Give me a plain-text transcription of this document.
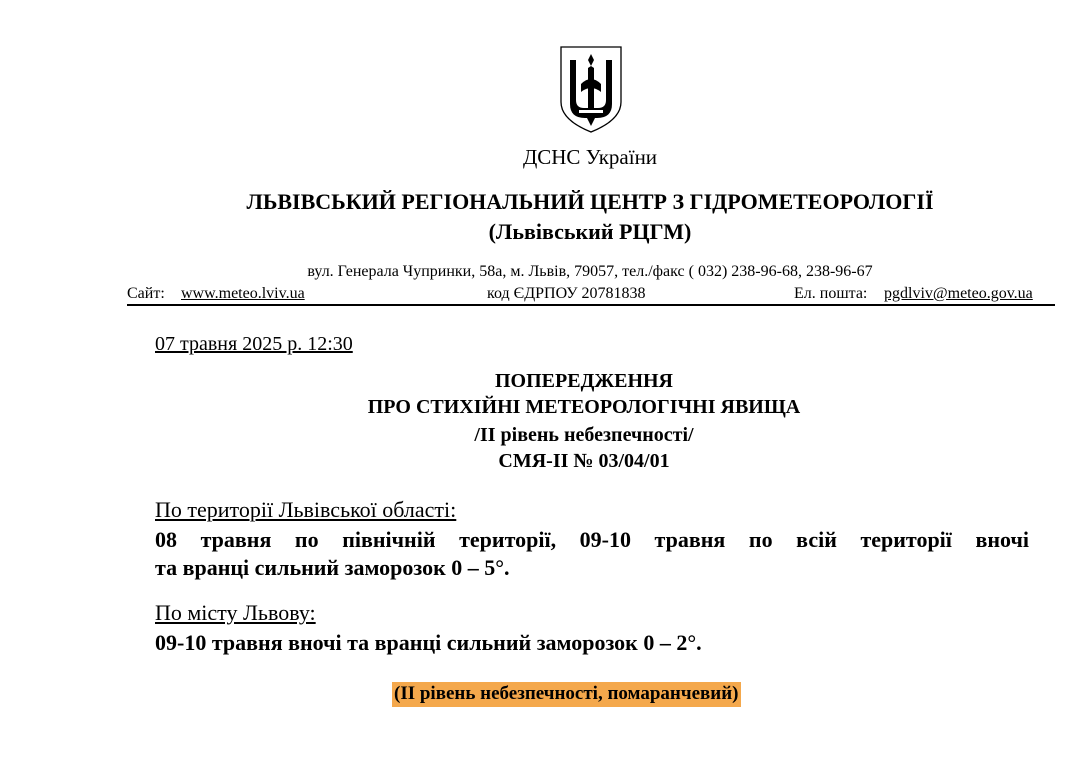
ДСНС України
ЛЬВІВСЬКИЙ РЕГІОНАЛЬНИЙ ЦЕНТР З ГІДРОМЕТЕОРОЛОГІЇ
(Львівський РЦГМ)
вул. Генерала Чупринки, 58а, м. Львів, 79057, тел./факс ( 032) 238-96-68, 238-96-67
Сайт: www.meteo.lviv.ua	код ЄДРПОУ 20781838	Ел. пошта: pgdlviv@meteo.gov.ua
07 травня 2025 р. 12:30
ПОПЕРЕДЖЕННЯ
ПРО СТИХІЙНІ МЕТЕОРОЛОГІЧНІ ЯВИЩА
/ІІ рівень небезпечності/
СМЯ-ІІ № 03/04/01
По території Львівської області:
08 травня по північній території, 09-10 травня по всій території вночі
та вранці сильний заморозок 0 – 5°.
По місту Львову:
09-10 травня вночі та вранці сильний заморозок 0 – 2°.
(ІІ рівень небезпечності, помаранчевий)
